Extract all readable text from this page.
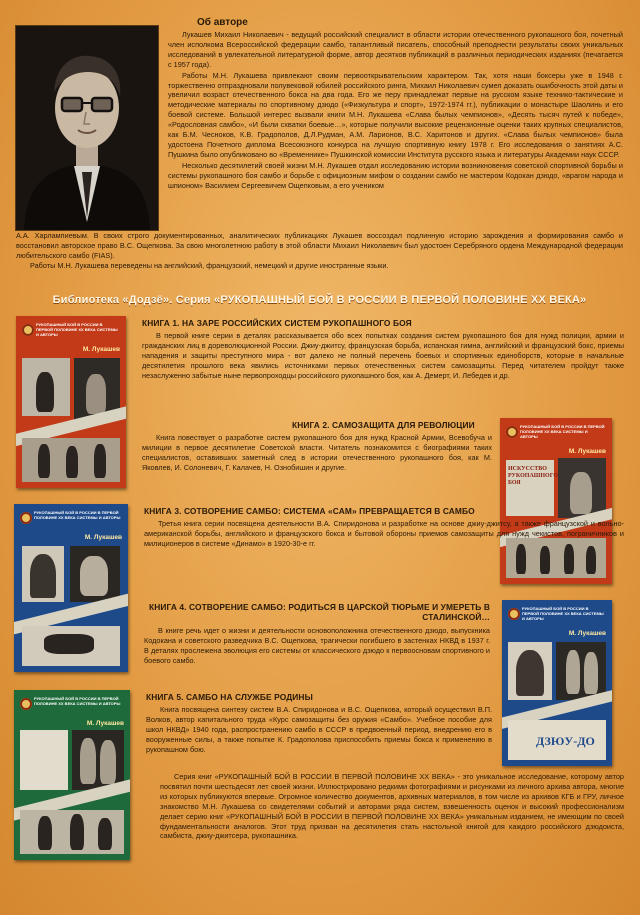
Об авторе

Лукашев Михаил Николаевич - ведущий российский специалист в области истории отечественного рукопашного боя, почетный член исполкома Всероссийской федерации самбо, талантливый писатель, способный преподнести результаты своих уникальных исследований в увлекательной литературной форме, автор десятков публикаций в различных периодических изданиях (печатается с 1957 года).

Работы М.Н. Лукашева привлекают своим первооткрывательским характером. Так, хотя наши боксеры уже в 1948 г. торжественно отпраздновали полувековой юбилей российского ринга, Михаил Николаевич сумел доказать ошибочность этой даты и увеличил возраст отечественного бокса на два года. Его же перу принадлежат первые на русском языке технико-тактические и методические материалы по спортивному дзюдо («Физкультура и спорт», 1972-1974 гг.), публикации о монастыре Шаолинь и его боевой системе. Большой интерес вызвали книги М.Н. Лукашева «Слава былых чемпионов», «Десять тысяч путей к победе», «Родословная самбо», «И были схватки боевые…», которые получили высокие рецензионные оценки таких крупных специалистов, как Б.М. Чесноков, К.В. Градополов, Д.Л.Рудман, А.М. Ларионов, В.С. Харитонов и других. «Слава былых чемпионов» была удостоена Почетного диплома Всесоюзного конкурса на лучшую спортивную книгу 1978 г. Его исследования о занятиях А.С. Пушкина было опубликовано во «Временнике» Пушкинской комиссии Института русского языка и литературы Академии наук СССР.

Несколько десятилетий своей жизни М.Н. Лукашев отдал исследованию истории возникновения советской спортивной борьбы и системы рукопашного боя самбо и борьбе с официозным мифом о создании самбо не мастером Кодокан дзюдо, «врагом народа и шпионом» Василием Сергеевичем Ощепковым, а его учеником

А.А. Харлампиевым. В своих строго документированных, аналитических публикациях Лукашев воссоздал подлинную историю зарождения и формирования самбо и восстановил авторское право В.С. Ощепкова. За свою многолетнюю работу в этой области Михаил Николаевич был удостоен Серебряного ордена Международной федерации любительского самбо (FIAS).

Работы М.Н. Лукашева переведены на английский, французский, немецкий и другие иностранные языки.

Библиотека «Додзё». Серия «РУКОПАШНЫЙ БОЙ В РОССИИ В ПЕРВОЙ ПОЛОВИНЕ XX ВЕКА»
РУКОПАШНЫЙ БОЙ В РОССИИ В ПЕРВОЙ ПОЛОВИНЕ XX ВЕКА СИСТЕМЫ И АВТОРЫ
М. Лукашев
КНИГА 1. НА ЗАРЕ РОССИЙСКИХ СИСТЕМ РУКОПАШНОГО БОЯ

В первой книге серии в деталях рассказывается обо всех попытках создания систем рукопашного боя для нужд полиции, армии и гражданских лиц в дореволюционной России. Джиу-джитсу, французская борьба, испанская гимна, английский и французский бокс, приемы нападения и защиты преступного мира - вот далеко не полный перечень боевых и спортивных единоборств, которые в начальные десятилетия прошлого века явились источниками первых отечественных систем самозащиты. Перед читателем пройдут также незаслуженно забытые ныне первопроходцы российского рукопашного боя, как А. Демерт, И. Лебедев и др.

РУКОПАШНЫЙ БОЙ В РОССИИ В ПЕРВОЙ ПОЛОВИНЕ XX ВЕКА СИСТЕМЫ И АВТОРЫ
М. Лукашев
ИСКУССТВО РУКОПАШНОГО БОЯ
КНИГА 2. САМОЗАЩИТА ДЛЯ РЕВОЛЮЦИИ

Книга повествует о разработке систем рукопашного боя для нужд Красной Армии, Всевобуча и милиции в первое десятилетие Советской власти. Читатель познакомится с биографиями таких специалистов, оставивших заметный след в истории отечественного рукопашного боя, как М. Яковлев, И. Солоневич, Г. Калачев, Н. Ознобишин и другие.

РУКОПАШНЫЙ БОЙ В РОССИИ В ПЕРВОЙ ПОЛОВИНЕ XX ВЕКА СИСТЕМЫ И АВТОРЫ
М. Лукашев
КНИГА 3. СОТВОРЕНИЕ САМБО: СИСТЕМА «САМ» ПРЕВРАЩАЕТСЯ В САМБО

Третья книга серии посвящена деятельности В.А. Спиридонова и разработке на основе джиу-джитсу, а также французской и вольно-американской борьбы, английского и французского бокса и бытовой обороны приемов самозащиты для нужд чекистов, пограничников и милиционеров в системе «Динамо» в 1920-30-е гг.

РУКОПАШНЫЙ БОЙ В РОССИИ В ПЕРВОЙ ПОЛОВИНЕ XX ВЕКА СИСТЕМЫ И АВТОРЫ
М. Лукашев
ДЗЮУ-ДО
КНИГА 4. СОТВОРЕНИЕ САМБО: РОДИТЬСЯ В ЦАРСКОЙ ТЮРЬМЕ И УМЕРЕТЬ В
СТАЛИНСКОЙ…

В книге речь идет о жизни и деятельности основоположника отечественного дзюдо, выпускника Кодокана и советского разведчика В.С. Ощепкова, трагически погибшего в застенках НКВД в 1937 г. В деталях прослежена эволюция его системы от классического дзюдо к первоосновам спортивного и боевого самбо.

РУКОПАШНЫЙ БОЙ В РОССИИ В ПЕРВОЙ ПОЛОВИНЕ XX ВЕКА СИСТЕМЫ И АВТОРЫ
М. Лукашев
КНИГА 5. САМБО НА СЛУЖБЕ РОДИНЫ

Книга посвящена синтезу систем В.А. Спиридонова и В.С. Ощепкова, который осуществил В.П. Волков, автор капитального труда «Курс самозащиты без оружия «Самбо». Учебное пособие для школ НКВД» 1940 года, распространению самбо в СССР в предвоенный период, внедрению его в вооруженные силы, а также попытке К. Градополова приспособить приемы бокса к применению в рукопашном бою.

Серия книг «РУКОПАШНЫЙ БОЙ В РОССИИ В ПЕРВОЙ ПОЛОВИНЕ XX ВЕКА» - это уникальное исследование, которому автор посвятил почти шестьдесят лет своей жизни. Иллюстрировано редкими фотографиями и рисунками из личного архива автора, многие из которых публикуются впервые. Огромное количество документов, архивных материалов, в том числе из архивов КГБ и ГРУ, личное знакомство М.Н. Лукашева со свидетелями событий и авторами ряда систем, взвешенность оценок и высокий профессионализм делает серию книг «РУКОПАШНЫЙ БОЙ В РОССИИ В ПЕРВОЙ ПОЛОВИНЕ XX ВЕКА» уникальным изданием, не имеющим по своей фундаментальности аналогов. Этот труд призван на десятилетия стать настольной книгой для каждого российского дзюдоиста, самбиста, джиу-джитсера, рукопашника.
